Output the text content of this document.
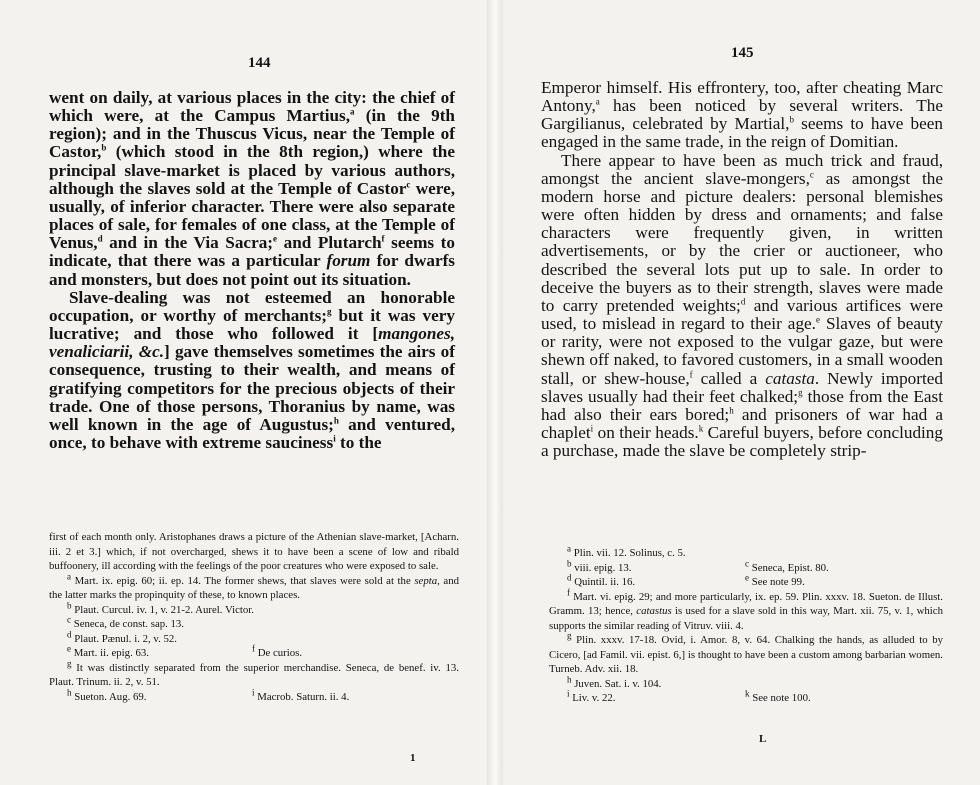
144

went on daily, at various places in the city: the chief of which were, at the Campus Martius,$^a$ (in the 9th region); and in the Thuscus Vicus, near the Temple of Castor,$^b$ (which stood in the 8th region,) where the principal slave-market is placed by various authors, although the slaves sold at the Temple of Castor$^c$ were, usually, of inferior character. There were also separate places of sale, for females of one class, at the Temple of Venus,$^d$ and in the Via Sacra;$^e$ and Plutarch$^f$ seems to indicate, that there was a particular forum for dwarfs and monsters, but does not point out its situation.

Slave-dealing was not esteemed an honorable occupation, or worthy of merchants;$^g$ but it was very lucrative; and those who followed it [mangones, venaliciarii, &c.] gave themselves sometimes the airs of consequence, trusting to their wealth, and means of gratifying competitors for the precious objects of their trade. One of those persons, Thoranius by name, was well known in the age of Augustus;$^h$ and ventured, once, to behave with extreme sauciness$^i$ to the

first of each month only. Aristophanes draws a picture of the Athenian slave-market, [Acharn. iii. 2 et 3.] which, if not overcharged, shews it to have been a scene of low and ribald buffoonery, ill according with the feelings of the poor creatures who were exposed to sale.
$^a$ Mart. ix. epig. 60; ii. ep. 14. The former shews, that slaves were sold at the septa, and the latter marks the propinquity of these, to known places.
$^b$ Plaut. Curcul. iv. 1, v. 21-2. Aurel. Victor.
$^c$ Seneca, de const. sap. 13.
$^d$ Plaut. Pænul. i. 2, v. 52.
$^e$ Mart. ii. epig. 63.	$^f$ De curios.
$^g$ It was distinctly separated from the superior merchandise. Seneca, de benef. iv. 13. Plaut. Trinum. ii. 2, v. 51.
$^h$ Sueton. Aug. 69.	$^i$ Macrob. Saturn. ii. 4.
1
145

Emperor himself. His effrontery, too, after cheating Marc Antony,$^a$ has been noticed by several writers. The Gargilianus, celebrated by Martial,$^b$ seems to have been engaged in the same trade, in the reign of Domitian.

There appear to have been as much trick and fraud, amongst the ancient slave-mongers,$^c$ as amongst the modern horse and picture dealers: personal blemishes were often hidden by dress and ornaments; and false characters were frequently given, in written advertisements, or by the crier or auctioneer, who described the several lots put up to sale. In order to deceive the buyers as to their strength, slaves were made to carry pretended weights;$^d$ and various artifices were used, to mislead in regard to their age.$^e$ Slaves of beauty or rarity, were not exposed to the vulgar gaze, but were shewn off naked, to favored customers, in a small wooden stall, or shew-house,$^f$ called a catasta. Newly imported slaves usually had their feet chalked;$^g$ those from the East had also their ears bored;$^h$ and prisoners of war had a chaplet$^i$ on their heads.$^k$ Careful buyers, before concluding a purchase, made the slave be completely strip-

$^a$ Plin. vii. 12. Solinus, c. 5.
$^b$ viii. epig. 13.	$^c$ Seneca, Epist. 80.
$^d$ Quintil. ii. 16.	$^e$ See note 99.
$^f$ Mart. vi. epig. 29; and more particularly, ix. ep. 59. Plin. xxxv. 18. Sueton. de Illust. Gramm. 13; hence, catastus is used for a slave sold in this way, Mart. xii. 75, v. 1, which supports the similar reading of Vitruv. viii. 4.
$^g$ Plin. xxxv. 17-18. Ovid, i. Amor. 8, v. 64. Chalking the hands, as alluded to by Cicero, [ad Famil. vii. epist. 6,] is thought to have been a custom among barbarian women. Turneb. Adv. xii. 18.
$^h$ Juven. Sat. i. v. 104.
$^i$ Liv. v. 22.	$^k$ See note 100.
L
